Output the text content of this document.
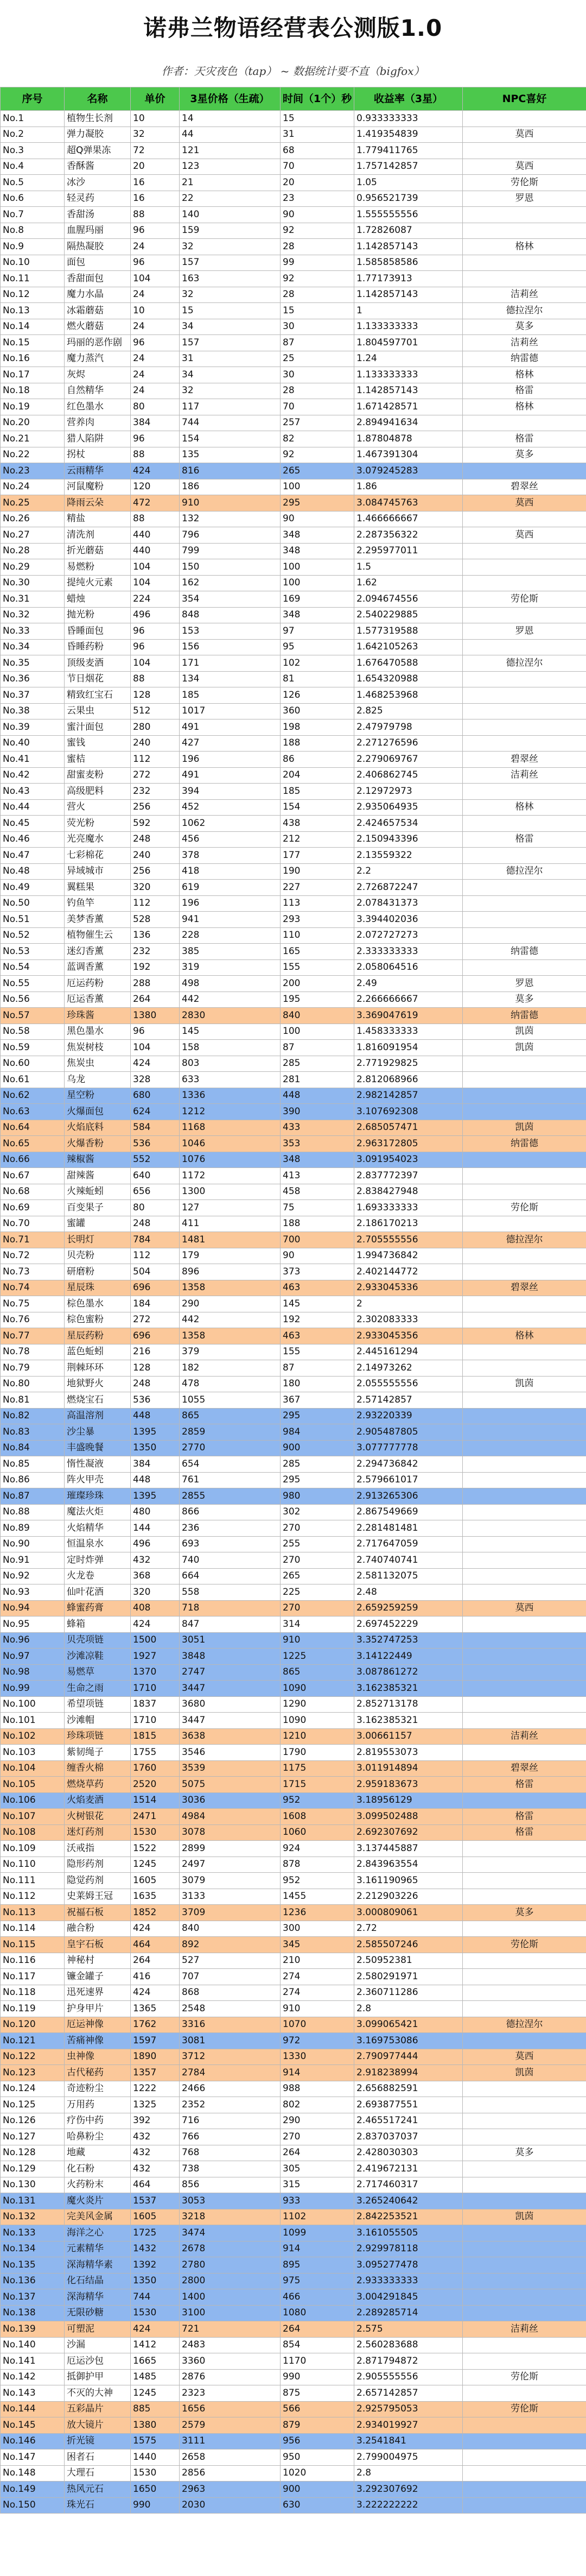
诺弗兰物语经营表公测版1.0
作者：天灾夜色（tap） ~ 数据统计要不直（bigfox）
序号	名称	单价	3星价格（生疏）	时间（1个）秒	收益率（3星）	NPC喜好
No.1	植物生长剂	10	14	15	0.933333333	
No.2	弹力凝胶	32	44	31	1.419354839	莫西
No.3	超Q弹果冻	72	121	68	1.779411765	
No.4	香酥酱	20	123	70	1.757142857	莫西
No.5	冰沙	16	21	20	1.05	劳伦斯
No.6	轻灵药	16	22	23	0.956521739	罗恩
No.7	香甜汤	88	140	90	1.555555556	
No.8	血腥玛丽	96	159	92	1.72826087	
No.9	隔热凝胶	24	32	28	1.142857143	格林
No.10	面包	96	157	99	1.585858586	
No.11	香甜面包	104	163	92	1.77173913	
No.12	魔力水晶	24	32	28	1.142857143	洁莉丝
No.13	冰霜蘑菇	10	15	15	1	德拉涅尔
No.14	燃火蘑菇	24	34	30	1.133333333	莫多
No.15	玛丽的恶作剧	96	157	87	1.804597701	洁莉丝
No.16	魔力蒸汽	24	31	25	1.24	纳雷德
No.17	灰烬	24	34	30	1.133333333	格林
No.18	自然精华	24	32	28	1.142857143	格雷
No.19	红色墨水	80	117	70	1.671428571	格林
No.20	营养肉	384	744	257	2.894941634	
No.21	猎人陷阱	96	154	82	1.87804878	格雷
No.22	拐杖	88	135	92	1.467391304	莫多
No.23	云雨精华	424	816	265	3.079245283	
No.24	河鼠魔粉	120	186	100	1.86	碧翠丝
No.25	降雨云朵	472	910	295	3.084745763	莫西
No.26	精盐	88	132	90	1.466666667	
No.27	清洗剂	440	796	348	2.287356322	莫西
No.28	折光蘑菇	440	799	348	2.295977011	
No.29	易燃粉	104	150	100	1.5	
No.30	提纯火元素	104	162	100	1.62	
No.31	蜡烛	224	354	169	2.094674556	劳伦斯
No.32	抛光粉	496	848	348	2.540229885	
No.33	昏睡面包	96	153	97	1.577319588	罗恩
No.34	昏睡药粉	96	156	95	1.642105263	
No.35	顶级麦酒	104	171	102	1.676470588	德拉涅尔
No.36	节日烟花	88	134	81	1.654320988	
No.37	精致红宝石	128	185	126	1.468253968	
No.38	云果虫	512	1017	360	2.825	
No.39	蜜汁面包	280	491	198	2.47979798	
No.40	蜜钱	240	427	188	2.271276596	
No.41	蜜桔	112	196	86	2.279069767	碧翠丝
No.42	甜蜜麦粉	272	491	204	2.406862745	洁莉丝
No.43	高级肥料	232	394	185	2.12972973	
No.44	营火	256	452	154	2.935064935	格林
No.45	荧光粉	592	1062	438	2.424657534	
No.46	光亮魔水	248	456	212	2.150943396	格雷
No.47	七彩棉花	240	378	177	2.13559322	
No.48	异域城市	256	418	190	2.2	德拉涅尔
No.49	翼糕果	320	619	227	2.726872247	
No.50	钓鱼竿	112	196	113	2.078431373	
No.51	美梦香薰	528	941	293	3.394402036	
No.52	植物催生云	136	228	110	2.072727273	
No.53	迷幻香薰	232	385	165	2.333333333	纳雷德
No.54	蓝调香薰	192	319	155	2.058064516	
No.55	厄运药粉	288	498	200	2.49	罗恩
No.56	厄运香薰	264	442	195	2.266666667	莫多
No.57	珍珠酱	1380	2830	840	3.369047619	纳雷德
No.58	黑色墨水	96	145	100	1.458333333	凯茵
No.59	焦炭树枝	104	158	87	1.816091954	凯茵
No.60	焦炭虫	424	803	285	2.771929825	
No.61	乌龙	328	633	281	2.812068966	
No.62	星空粉	680	1336	448	2.982142857	
No.63	火爆面包	624	1212	390	3.107692308	
No.64	火焰底料	584	1168	433	2.685057471	凯茵
No.65	火爆香粉	536	1046	353	2.963172805	纳雷德
No.66	辣椒酱	552	1076	348	3.091954023	
No.67	甜辣酱	640	1172	413	2.837772397	
No.68	火辣蚯蚓	656	1300	458	2.838427948	
No.69	百变果子	80	127	75	1.693333333	劳伦斯
No.70	蜜罐	248	411	188	2.186170213	
No.71	长明灯	784	1481	700	2.705555556	德拉涅尔
No.72	贝壳粉	112	179	90	1.994736842	
No.73	研磨粉	504	896	373	2.402144772	
No.74	星辰珠	696	1358	463	2.933045336	碧翠丝
No.75	棕色墨水	184	290	145	2	
No.76	棕色蜜粉	272	442	192	2.302083333	
No.77	星辰药粉	696	1358	463	2.933045356	格林
No.78	蓝色蚯蚓	216	379	155	2.445161294	
No.79	荆棘环环	128	182	87	2.14973262	
No.80	地狱野火	248	478	180	2.055555556	凯茵
No.81	燃烧宝石	536	1055	367	2.57142857	
No.82	高温溶剂	448	865	295	2.93220339	
No.83	沙尘暴	1395	2859	984	2.905487805	
No.84	丰盛晚餐	1350	2770	900	3.077777778	
No.85	惰性凝液	384	654	285	2.294736842	
No.86	阵火甲壳	448	761	295	2.579661017	
No.87	璀璨珍珠	1395	2855	980	2.913265306	
No.88	魔法火炬	480	866	302	2.867549669	
No.89	火焰精华	144	236	270	2.281481481	
No.90	恒温泉水	496	693	255	2.717647059	
No.91	定时炸弹	432	740	270	2.740740741	
No.92	火龙卷	368	664	265	2.581132075	
No.93	仙叶花酒	320	558	225	2.48	
No.94	蜂蜜药膏	408	718	270	2.659259259	莫西
No.95	蜂箱	424	847	314	2.697452229	
No.96	贝壳项链	1500	3051	910	3.352747253	
No.97	沙滩凉鞋	1927	3848	1225	3.14122449	
No.98	易燃草	1370	2747	865	3.087861272	
No.99	生命之雨	1710	3447	1090	3.162385321	
No.100	希望项链	1837	3680	1290	2.852713178	
No.101	沙滩帽	1710	3447	1090	3.162385321	
No.102	珍珠项链	1815	3638	1210	3.00661157	洁莉丝
No.103	紫韧绳子	1755	3546	1790	2.819553073	
No.104	缠香火棉	1760	3539	1175	3.011914894	碧翠丝
No.105	燃烧草药	2520	5075	1715	2.959183673	格雷
No.106	火焰麦酒	1514	3036	952	3.18956129	
No.107	火树银花	2471	4984	1608	3.099502488	格雷
No.108	迷灯药剂	1530	3078	1060	2.692307692	格雷
No.109	沃戒指	1522	2899	924	3.137445887	
No.110	隐形药剂	1245	2497	878	2.843963554	
No.111	隐觉药剂	1605	3079	952	3.161190965	
No.112	史莱姆王冠	1635	3133	1455	2.212903226	
No.113	祝福石板	1852	3709	1236	3.000809061	莫多
No.114	融合粉	424	840	300	2.72	
No.115	皇宇石板	464	892	345	2.585507246	劳伦斯
No.116	神秘村	264	527	210	2.50952381	
No.117	镰金罐子	416	707	274	2.580291971	
No.118	迅死速界	424	868	274	2.360711286	
No.119	护身甲片	1365	2548	910	2.8	
No.120	厄运神像	1762	3316	1070	3.099065421	德拉涅尔
No.121	苦痛神像	1597	3081	972	3.169753086	
No.122	虫神像	1890	3712	1330	2.790977444	莫西
No.123	古代秘药	1357	2784	914	2.918238994	凯茵
No.124	奇迹粉尘	1222	2466	988	2.656882591	
No.125	万用药	1325	2352	802	2.693877551	
No.126	疗伤中药	392	716	290	2.465517241	
No.127	哈鼻粉尘	432	766	270	2.837037037	
No.128	地藏	432	768	264	2.428030303	莫多
No.129	化石粉	432	738	305	2.419672131	
No.130	火药粉末	464	856	315	2.717460317	
No.131	魔火炎片	1537	3053	933	3.265240642	
No.132	完美风金属	1605	3218	1102	2.842253521	凯茵
No.133	海洋之心	1725	3474	1099	3.161055505	
No.134	元素精华	1432	2678	914	2.929978118	
No.135	深海精华素	1392	2780	895	3.095277478	
No.136	化石结晶	1350	2800	975	2.933333333	
No.137	深海精华	744	1400	466	3.004291845	
No.138	无限砂糖	1530	3100	1080	2.289285714	
No.139	可塑泥	424	721	264	2.575	洁莉丝
No.140	沙漏	1412	2483	854	2.560283688	
No.141	厄运沙包	1665	3360	1170	2.871794872	
No.142	抵御护甲	1485	2876	990	2.905555556	劳伦斯
No.143	不灭的大神	1245	2323	875	2.657142857	
No.144	五彩晶片	885	1656	566	2.925795053	劳伦斯
No.145	放大镜片	1380	2579	879	2.934019927	
No.146	折光镜	1575	3111	956	3.2541841	
No.147	困者石	1440	2658	950	2.799004975	
No.148	大理石	1530	2856	1020	2.8	
No.149	热风元石	1650	2963	900	3.292307692	
No.150	珠光石	990	2030	630	3.222222222	
